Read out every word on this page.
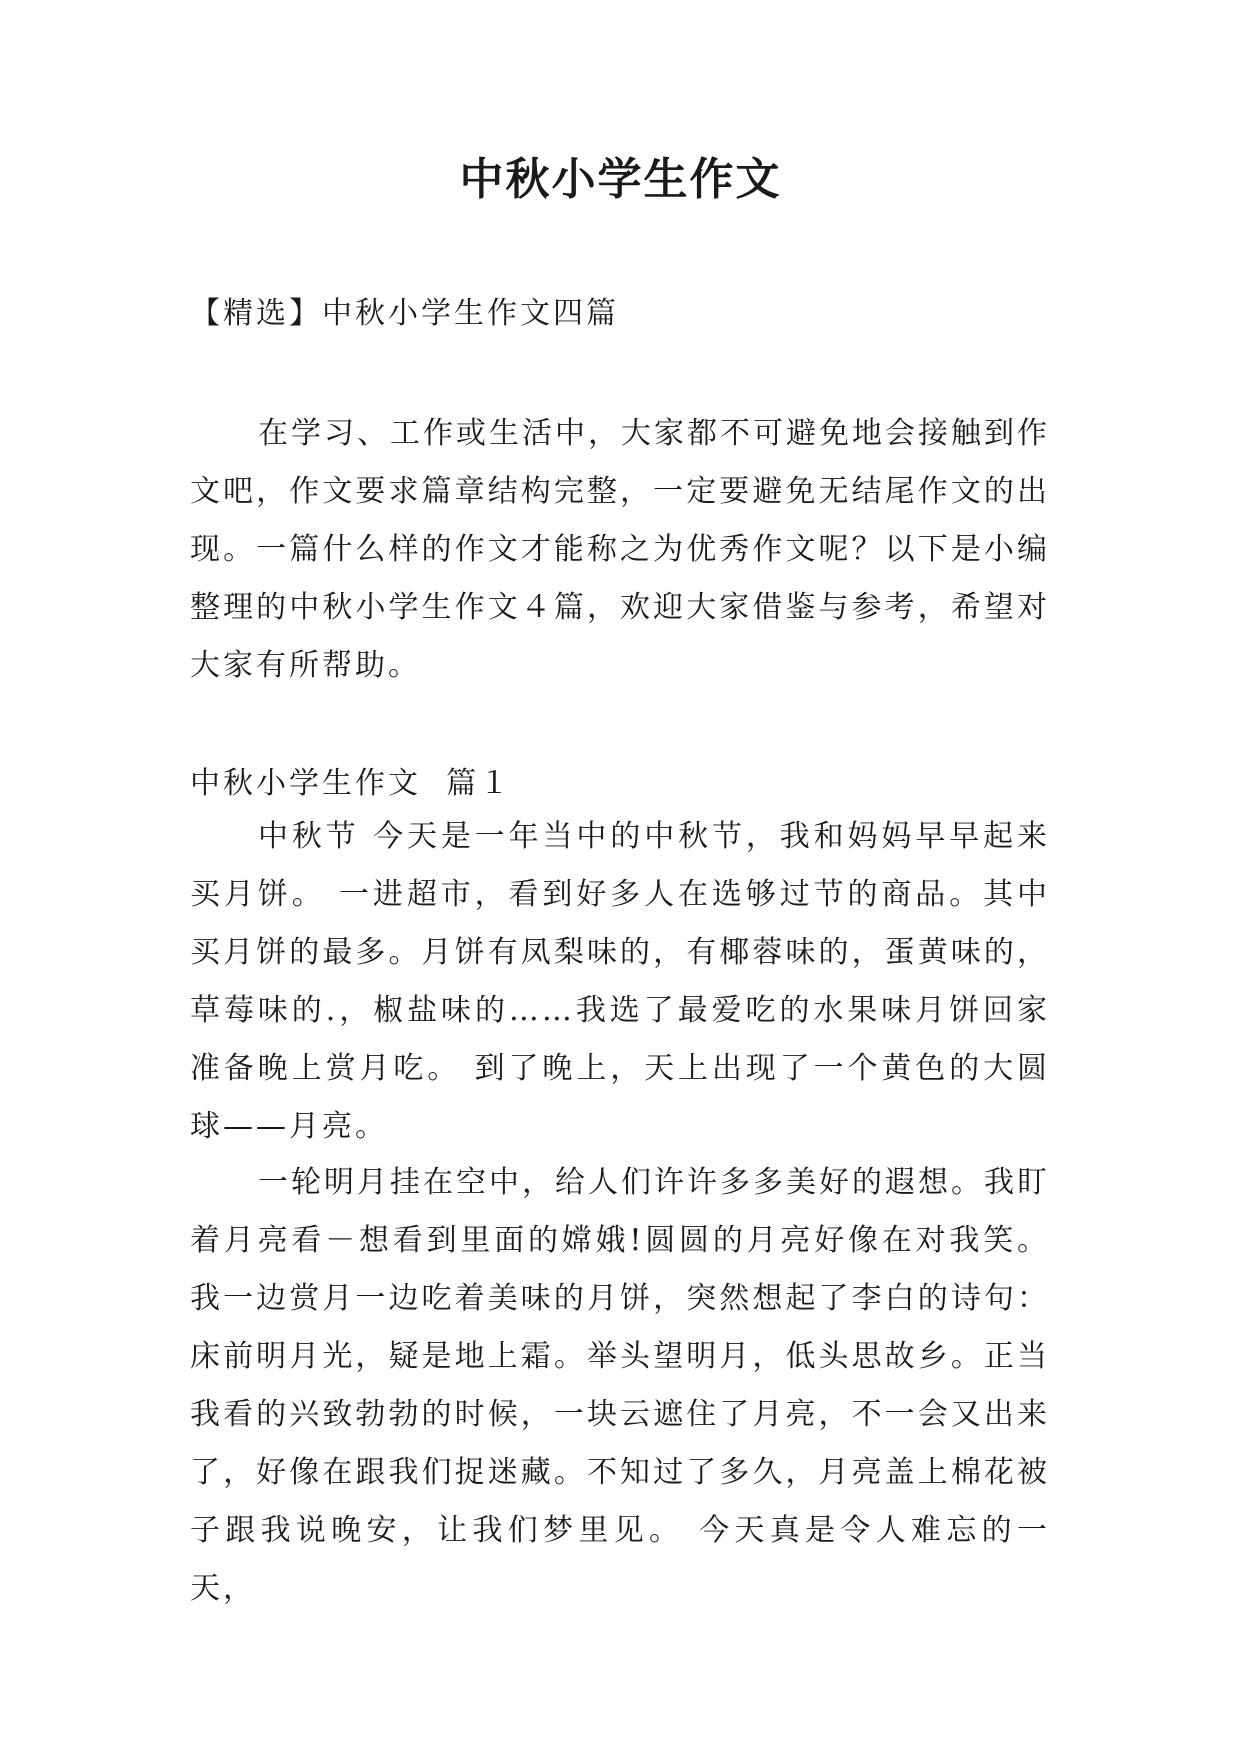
中秋小学生作文
【精选】中秋小学生作文四篇

在学习、工作或生活中，大家都不可避免地会接触到作文吧，作文要求篇章结构完整，一定要避免无结尾作文的出现。一篇什么样的作文才能称之为优秀作文呢？以下是小编整理的中秋小学生作文４篇，欢迎大家借鉴与参考，希望对大家有所帮助。

中秋小学生作文  篇１

中秋节 今天是一年当中的中秋节，我和妈妈早早起来买月饼。 一进超市，看到好多人在选够过节的商品。其中买月饼的最多。月饼有凤梨味的，有椰蓉味的，蛋黄味的，草莓味的.，椒盐味的……我选了最爱吃的水果味月饼回家准备晚上赏月吃。 到了晚上，天上出现了一个黄色的大圆球——月亮。

一轮明月挂在空中，给人们许许多多美好的遐想。我盯着月亮看－想看到里面的嫦娥!圆圆的月亮好像在对我笑。我一边赏月一边吃着美味的月饼，突然想起了李白的诗句：床前明月光，疑是地上霜。举头望明月，低头思故乡。正当我看的兴致勃勃的时候，一块云遮住了月亮，不一会又出来了，好像在跟我们捉迷藏。不知过了多久，月亮盖上棉花被子跟我说晚安，让我们梦里见。 今天真是令人难忘的一天，
